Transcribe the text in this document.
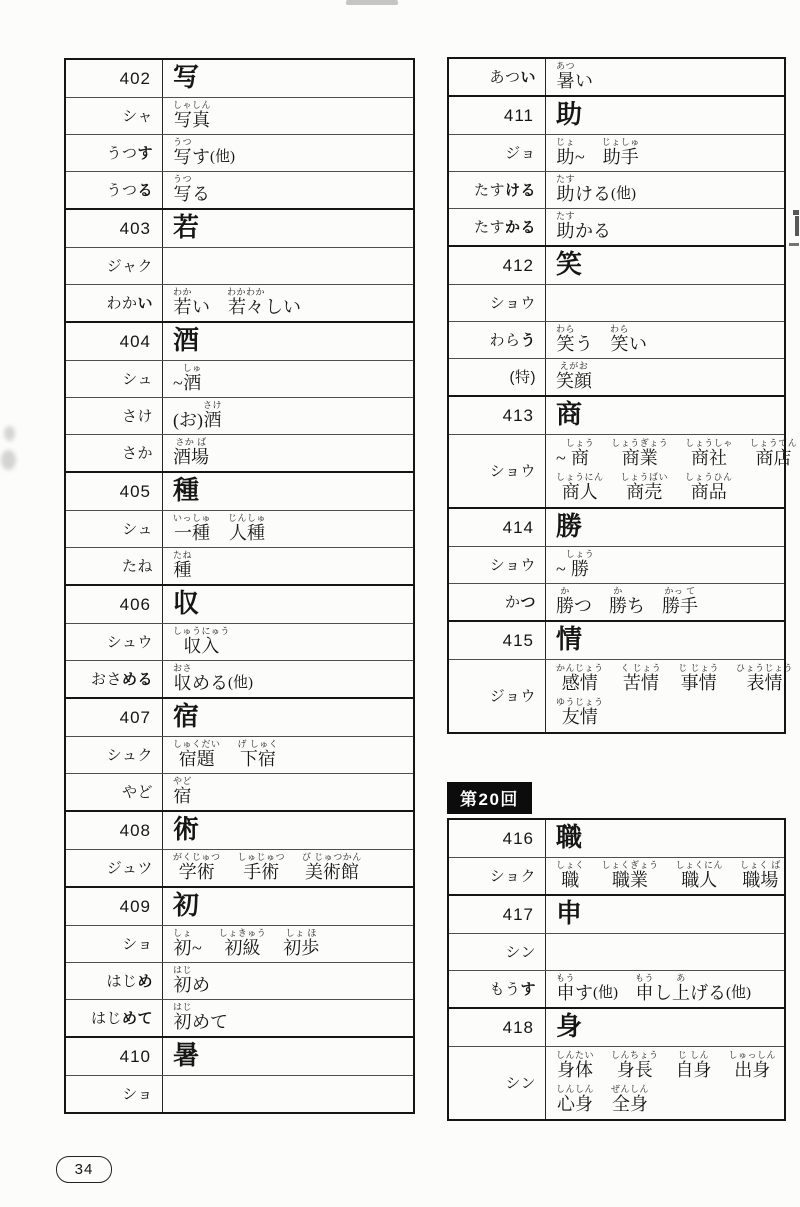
402 写
シャ
しゃしん
写真
うつ す
うつ
写
す
(他)
うつ る
うつ
写
る
403 若
ジャク
わか い
わか
若
い
わかわか
若々
しい
404 酒
シュ
~
しゅ
酒
さけ
(お)
さけ
酒
さか
さか ば
酒場
405 種
シュ
いっしゅ
一種
じんしゅ
人種
たね
たね
種
406 収
シュウ
しゅうにゅう
収入
おさ める
おさ
収
める
(他)
407 宿
シュク
しゅくだい
宿題
げ しゅく
下宿
やど
やど
宿
408 術
ジュツ
がくじゅつ
学術
しゅじゅつ
手術
び じゅつかん
美術館
409 初
ショ
しょ
初
~
しょきゅう
初級
しょ ほ
初歩
はじ め
はじ
初
め
はじ めて
はじ
初
めて
410 暑
ショ
あつ い
あつ
暑
い
411 助
ジョ
じょ
助
~
じょしゅ
助手
たす ける
たす
助
ける
(他)
たす かる
たす
助
かる
412 笑
ショウ
わら う
わら
笑
う
わら
笑
い
(特)
えがお
笑顔
413 商
ショウ

~
しょう
商
しょうぎょう
商業
しょうしゃ
商社
しょうてん
商店
しょうにん
商人
しょうばい
商売
しょうひん
商品
414 勝
ショウ
~
しょう
勝
か つ
か
勝
つ
か
勝
ち
かっ て
勝手
415 情
ジョウ
かんじょう
感情
く じょう
苦情
じ じょう
事情
ひょうじょう
表情
ゆうじょう
友情
第20回
416 職
ショク
しょく
職
しょくぎょう
職業
しょくにん
職人
しょく ば
職場
417 申
シン
もう す
もう
申
す
(他)
もう
申
し
あ
上
げる
(他)
418 身
シン
しんたい
身体
しんちょう
身長
じ しん
自身
しゅっしん
出身
しんしん
心身
ぜんしん
全身
34
